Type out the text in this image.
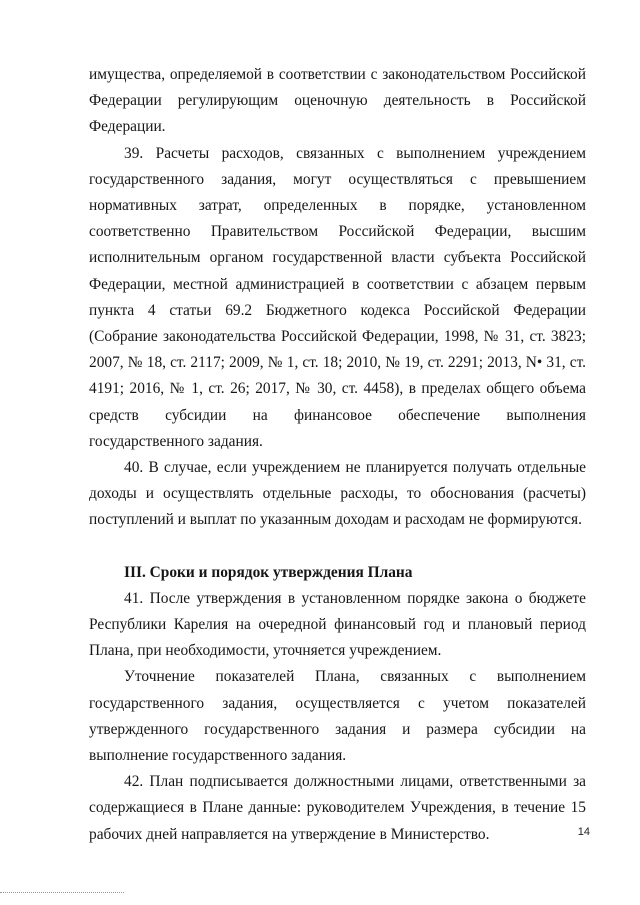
имущества, определяемой в соответствии с законодательством Российской Федерации регулирующим оценочную деятельность в Российской Федерации.

39. Расчеты расходов, связанных с выполнением учреждением государственного задания, могут осуществляться с превышением нормативных затрат, определенных в порядке, установленном соответственно Правительством Российской Федерации, высшим исполнительным органом государственной власти субъекта Российской Федерации, местной администрацией в соответствии с абзацем первым пункта 4 статьи 69.2 Бюджетного кодекса Российской Федерации (Собрание законодательства Российской Федерации, 1998, № 31, ст. 3823; 2007, № 18, ст. 2117; 2009, № 1, ст. 18; 2010, № 19, ст. 2291; 2013, N• 31, ст. 4191; 2016, № 1, ст. 26; 2017, № 30, ст. 4458), в пределах общего объема средств субсидии на финансовое обеспечение выполнения государственного задания.

40. В случае, если учреждением не планируется получать отдельные доходы и осуществлять отдельные расходы, то обоснования (расчеты) поступлений и выплат по указанным доходам и расходам не формируются.

III. Сроки и порядок утверждения Плана

41. После утверждения в установленном порядке закона о бюджете Республики Карелия на очередной финансовый год и плановый период Плана, при необходимости, уточняется учреждением.

Уточнение показателей Плана, связанных с выполнением государственного задания, осуществляется с учетом показателей утвержденного государственного задания и размера субсидии на выполнение государственного задания.

42. План подписывается должностными лицами, ответственными за содержащиеся в Плане данные: руководителем Учреждения, в течение 15 рабочих дней направляется на утверждение в Министерство.	14
